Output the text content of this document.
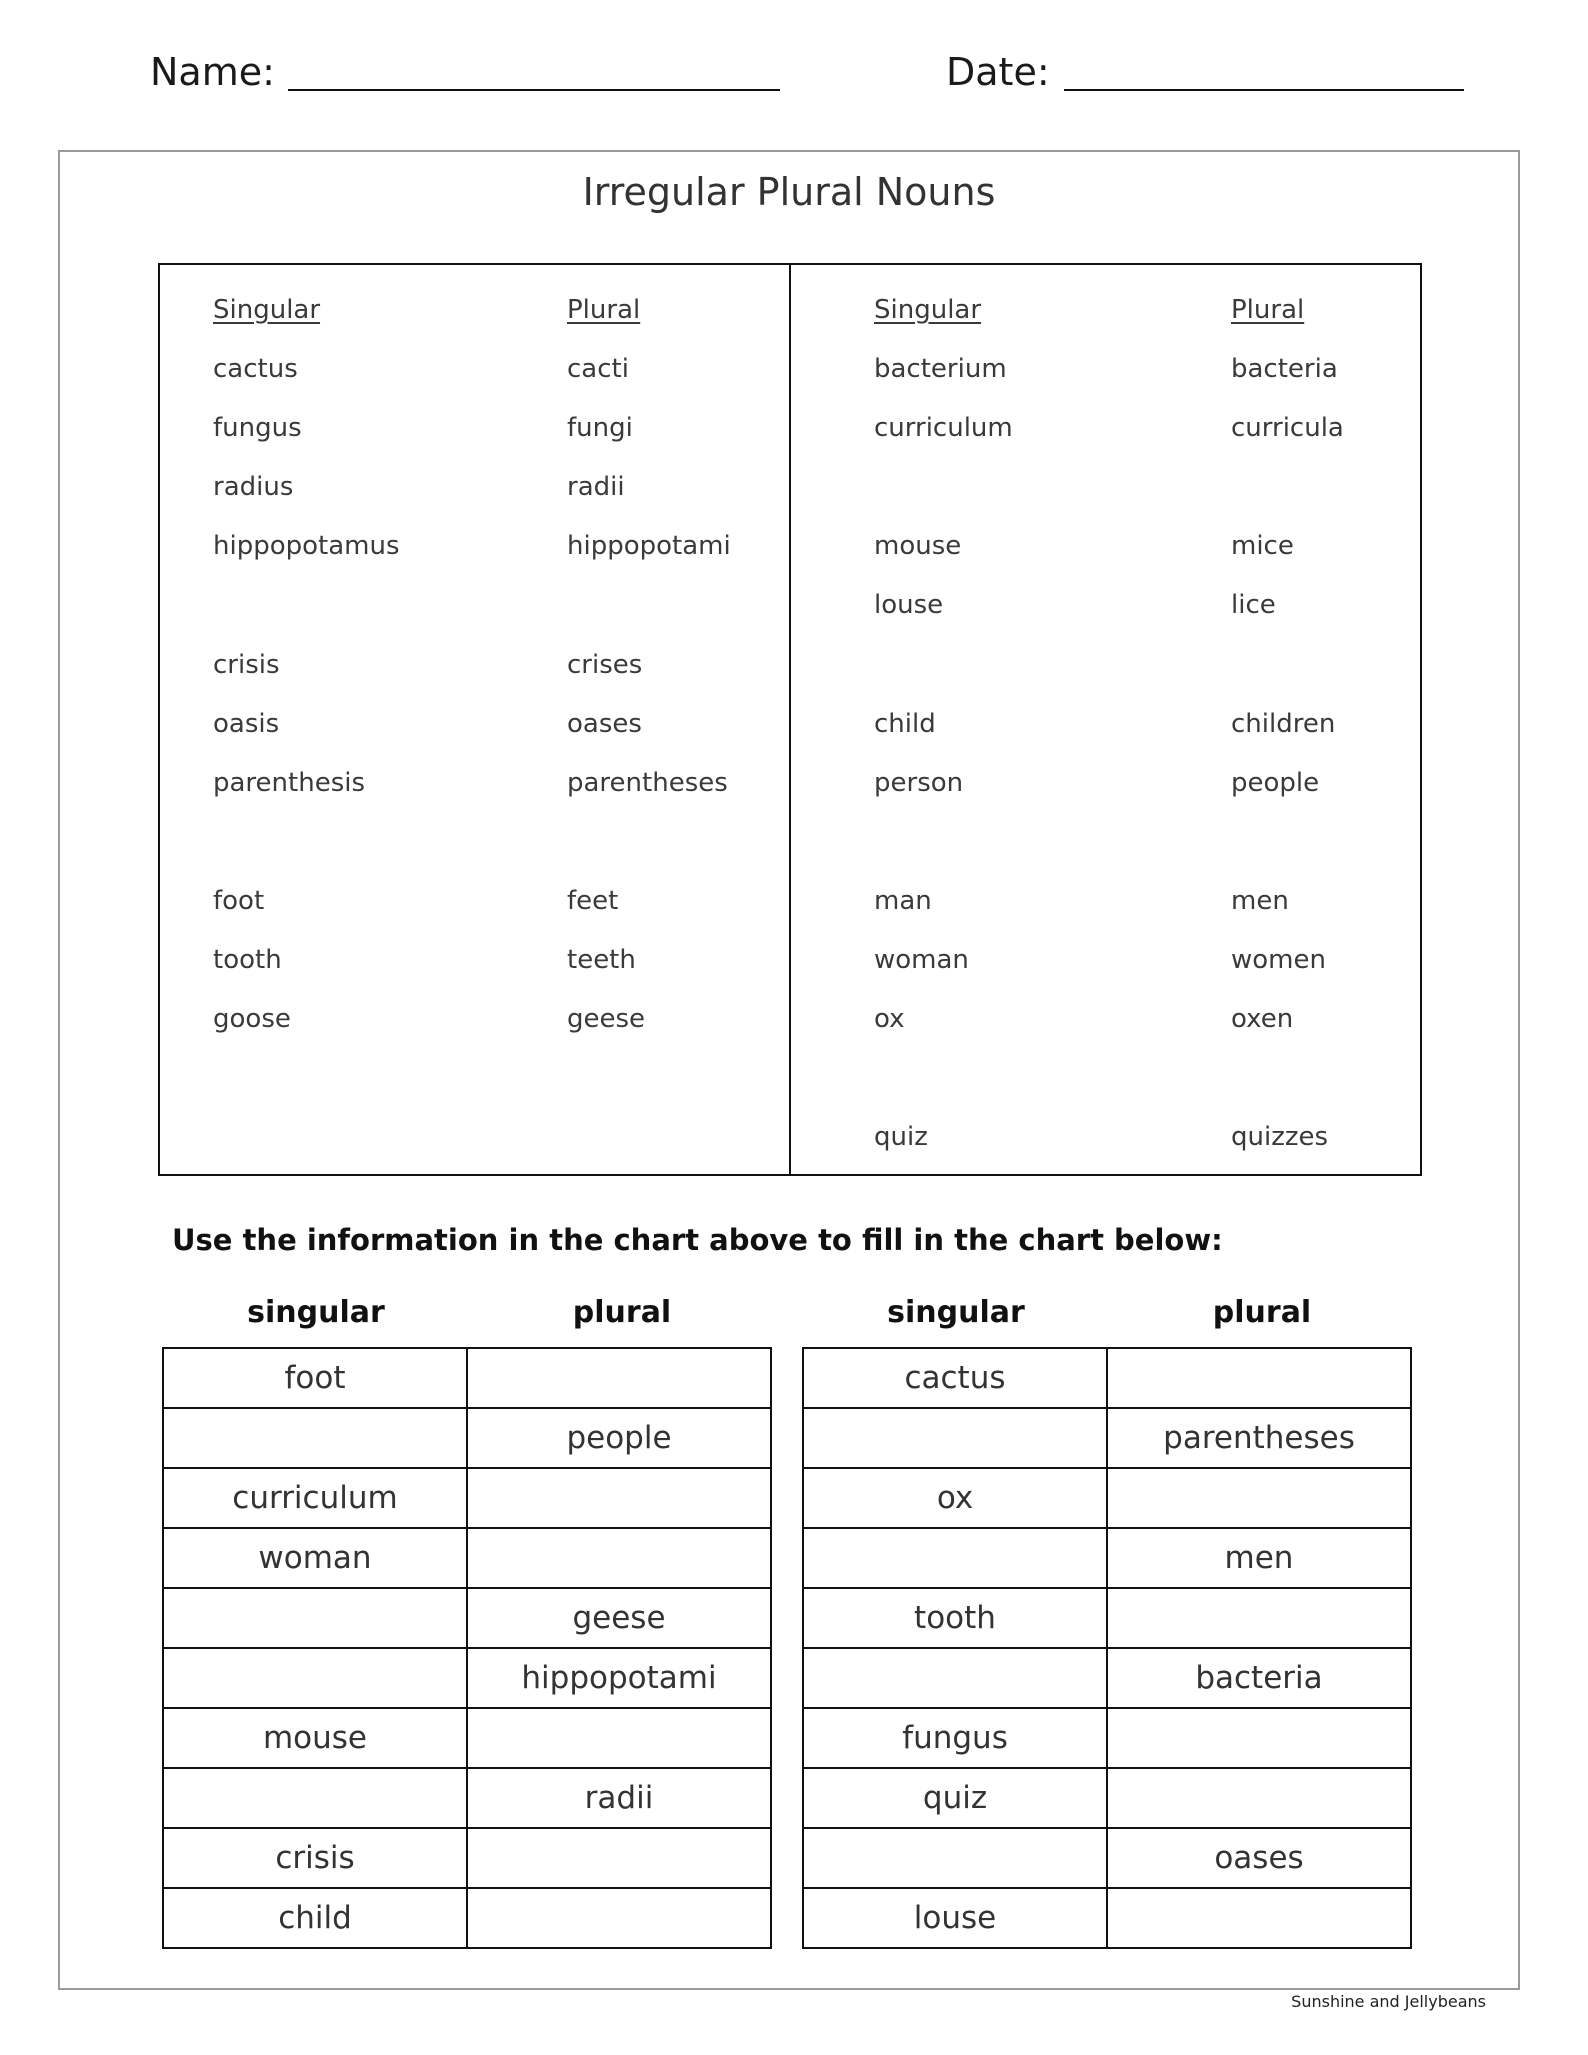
Name:	Date:
Irregular Plural Nouns
Singular	Plural	Singular	Plural
cactus	cacti
fungus	fungi
radius	radii
hippopotamus	hippopotami
crisis	crises
oasis	oases
parenthesis	parentheses
foot	feet
tooth	teeth
goose	geese
bacterium	bacteria
curriculum	curricula
mouse	mice
louse	lice
child	children
person	people
man	men
woman	women
ox	oxen
quiz	quizzes
Use the information in the chart above to fill in the chart below:
singular	plural	singular	plural
foot	
	people
curriculum	
woman	
	geese
	hippopotami
mouse	
	radii
crisis	
child	
cactus	
	parentheses
ox	
	men
tooth	
	bacteria
fungus	
quiz	
	oases
louse	
Sunshine and Jellybeans
